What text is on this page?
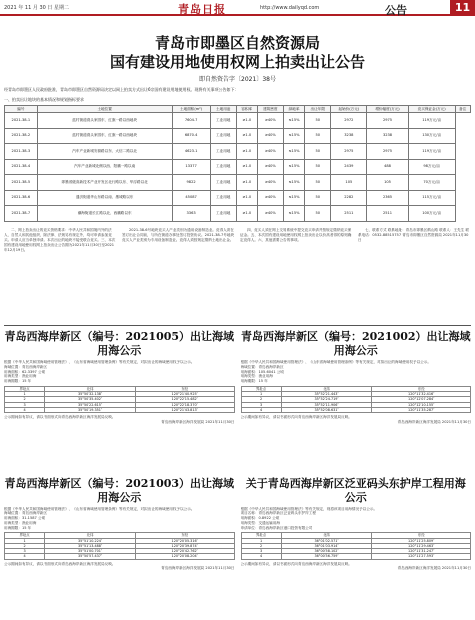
2021 年 11 月 30 日 星期二	青岛日报	http://www.dailyqd.com	公告	11
青岛市即墨区自然资源局
国有建设用地使用权网上拍卖出让公告
即自然资告字〔2021〕38号
经青岛市即墨区人民政府批准，青岛市即墨区自然资源局决定以网上拍卖方式出让6宗国有建设用地使用权。现将有关事项公告如下：
一、拍卖出让地块的基本情况和规划指标要求
编号	土地位置	土地面积(m²)	土地用途	容积率	建筑密度	绿地率	出让年限	起始价(万元)	增价幅度(万元)	竞买保证金(万元)	备注
2021-38-1	蓝村街道湾头家园东、红旗一路以西地块	7604.7	工业用地	≥1.0	≥40%	≤15%	50	2972	2975	119万元/亩	
2021-38-2	蓝村街道湾头家园东、红旗一路以西地块	6870.4	工业用地	≥1.0	≥40%	≤15%	50	3238	3238	130万元/亩	
2021-38-3	汽车产业新城安源路以东、大信二路以北	4623.1	工业用地	≥1.0	≥40%	≤15%	50	2975	2975	119万元/亩	
2021-38-4	汽车产业新城北侧以西、阳鹏一路以南	13377	工业用地	≥1.0	≥40%	≤15%	50	2439	488	98万元/亩	
2021-38-5	即墨省级高新技术产业开发区北行路以东、华浮路以北	9822	工业用地	≥1.0	≥40%	≤15%	50	105	105	70万元/亩	
2021-38-6	通济街道华山东路以南、墨城路以东	45087	工业用地	≥1.0	≥40%	≤15%	50	2282	2365	115万元/亩	
2021-38-7	潮海街道长江路以北、西鹏路以东	3363	工业用地	≥1.0	≥40%	≤15%	50	2511	2511	100万元/亩	

二、网上拍卖出让的竞买资格要求：中华人民共和国境内外的法人、自然人和其他组织，除法律、法规另有规定外，均可申请参加竞买。申请人应当单独申请。本次出让的地块不接受联合竞买。三、本次国有建设用地使用权网上拍卖出让公告期为2021年11月30日至2021年12月19日。

2021-38-6号地块竞买人产业类别为通用设备制造业。竞得人须在签订出让合同前，与所在街道办事处签订投资协议。2021-38-7号地块竞买人产业类别为专用设备制造业。竞得人须按规定缴纳土地出让金。

四、竞买人须在网上交易系统中提交竞买申请并按规定缴纳竞买保证金。五、本次国有建设用地使用权网上拍卖出让以价高者得的原则确定竞得人。六、其他需要公告的事项。

七、联系方式 联系地址：青岛市即墨区鹤山路 联系人：王先生 联系电话：0532-88515757 青岛市即墨区自然资源局 2021年11月30日

青岛西海岸新区（编号：2021005）出让海域用海公示
根据《中华人民共和国海域使用管理法》、《山东省海域使用管理条例》等有关规定，对拟出让的海域使用权予以公示。
海域位置：青岛西海岸新区
用海面积：62.3397 公顷
用海类型：渔业用海
用海期限：15 年
界址点	北纬	东经
1	35°50′32.138″	120°21′40.925″
2	35°50′35.402″	120°22′15.482″
3	35°50′22.615″	120°22′18.370″
4	35°50′19.351″	120°21′43.813″
公示期间如有异议，请以书面形式向青岛西海岸新区海洋发展局反映。
青岛西海岸新区海洋发展局 2021年11月30日
青岛西海岸新区（编号：2021002）出让海域用海公示
根据《中华人民共和国海域使用管理法》、《山东省海域使用管理条例》等有关规定，对拟出让的海域使用权予以公示。
海域位置：青岛西海岸新区
用海面积：105.6041 公顷
用海类型：渔业用海
用海期限：15 年
界址点	北纬	东经
1	35°52′21.443″	120°11′32.416″
2	35°52′24.719″	120°12′07.284″
3	35°52′11.906″	120°12′10.155″
4	35°52′08.631″	120°11′35.287″
公示期间如有异议，请以书面形式向青岛西海岸新区海洋发展局反映。
青岛西海岸新区海洋发展局 2021年11月30日
青岛西海岸新区（编号：2021003）出让海域用海公示
根据《中华人民共和国海域使用管理法》、《山东省海域使用管理条例》等有关规定，对拟出让的海域使用权予以公示。
海域位置：青岛西海岸新区
用海面积：31.1587 公顷
用海类型：渔业用海
用海期限：15 年
界址点	北纬	东经
1	35°51′10.224″	120°20′05.316″
2	35°51′13.488″	120°20′39.874″
3	35°51′00.701″	120°20′42.762″
4	35°50′57.437″	120°20′08.204″
公示期间如有异议，请以书面形式向青岛西海岸新区海洋发展局反映。
青岛西海岸新区海洋发展局 2021年11月30日
关于青岛西海岸新区泛亚码头东护岸工程用海公示
根据《中华人民共和国海域使用管理法》等有关规定，现将该项目用海情况予以公示。
项目名称：青岛西海岸新区泛亚码头东护岸工程
用海面积：0.8922 公顷
用海类型：交通运输用海
申请单位：青岛西海岸新区港口投资有限公司
界址点	北纬	东经
1	36°01′02.571″	120°11′25.809″
2	36°01′03.914″	120°11′29.463″
3	36°00′58.102″	120°11′31.247″
4	36°00′56.759″	120°11′27.593″
公示期间如有异议，请以书面形式向青岛西海岸新区海洋发展局反映。
青岛西海岸新区海洋发展局 2021年11月30日
